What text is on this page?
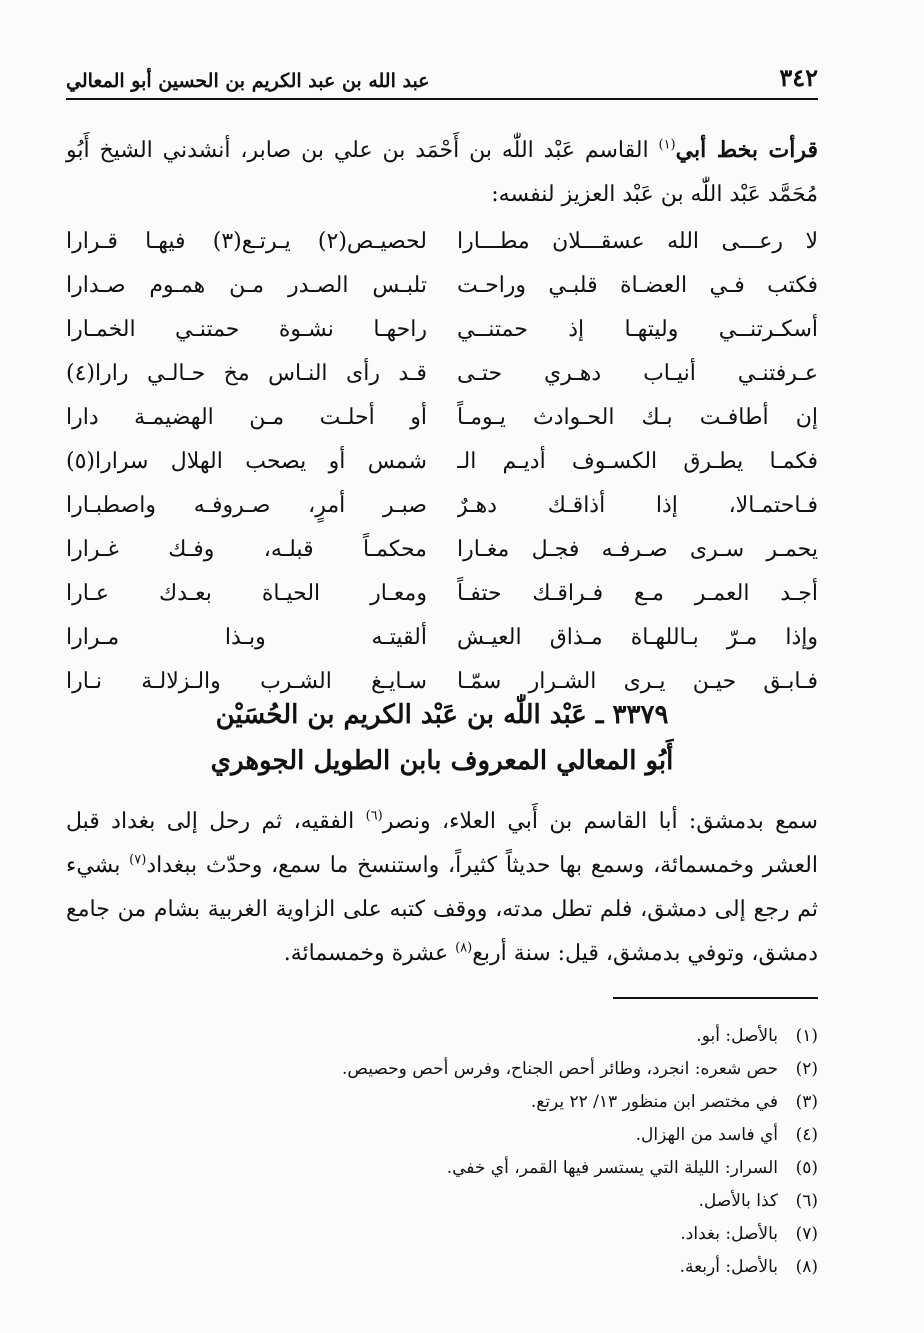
٣٤٢
عبد الله بن عبد الكريم بن الحسين أبو المعالي
قرأت بخط أبي$^{(١)}$ القاسم عَبْد اللّٰه بن أَحْمَد بن علي بن صابر، أنشدني الشيخ أَبُو مُحَمَّد عَبْد اللّٰه بن عَبْد العزيز لنفسه:
لا رعـــى الله عسقـــلان مطـــارا
لحصيـص(٢) يـرتـع(٣) فيهـا قـرارا
فكتب فـي العضـاة قلبـي وراحـت
تلبـس الصـدر مـن همـوم صـدارا
أسكـرتنــي وليتهـا إذ حمتنــي
راحهـا نشـوة حمتنـي الخمـارا
عـرفتنـي أنيـاب دهـري حتـى
قـد رأى النـاس مخ حـالـي رارا(٤)
إن أطافـت بـك الحـوادث يـومـاً
أو أحلـت مـن الهضيمـة دارا
فكمـا يطـرق الكسـوف أديـم الـ
شمس أو يصحب الهلال سرارا(٥)
فـاحتمـالا، إذا أذاقـك دهـرٌ
صبـر أمرٍ، صـروفـه واصطبـارا
يحمـر سـرى صـرفـه فجـل مغـارا
محكمـاً قبلـه، وفـك غـرارا
أجـد العمـر مـع فـراقـك حتفـاً
ومعـار الحيـاة بعـدك عـارا
وإذا مـرّ بـاللهـاة مـذاق العيـش
ألقيتـه وبـذا مـرارا
فـابـق حيـن يـرى الشـرار سمّـا
سـايـغ الشـرب والـزلالـة نـارا
٣٣٧٩ ـ عَبْد اللّٰه بن عَبْد الكريم بن الحُسَيْن
أَبُو المعالي المعروف بابن الطويل الجوهري
سمع بدمشق: أبا القاسم بن أَبي العلاء، ونصر$^{(٦)}$ الفقيه، ثم رحل إلى بغداد قبل العشر وخمسمائة، وسمع بها حديثاً كثيراً، واستنسخ ما سمع، وحدّث ببغداد$^{(٧)}$ بشيء ثم رجع إلى دمشق، فلم تطل مدته، ووقف كتبه على الزاوية الغربية بشام من جامع دمشق، وتوفي بدمشق، قيل: سنة أربع$^{(٨)}$ عشرة وخمسمائة.
(١)
بالأصل: أبو.
(٢)
حص شعره: انجرد، وطائر أحص الجناح، وفرس أحص وحصيص.
(٣)
في مختصر ابن منظور ١٣/ ٢٢ يرتع.
(٤)
أي فاسد من الهزال.
(٥)
السرار: الليلة التي يستسر فيها القمر، أي خفي.
(٦)
كذا بالأصل.
(٧)
بالأصل: بغداد.
(٨)
بالأصل: أربعة.
